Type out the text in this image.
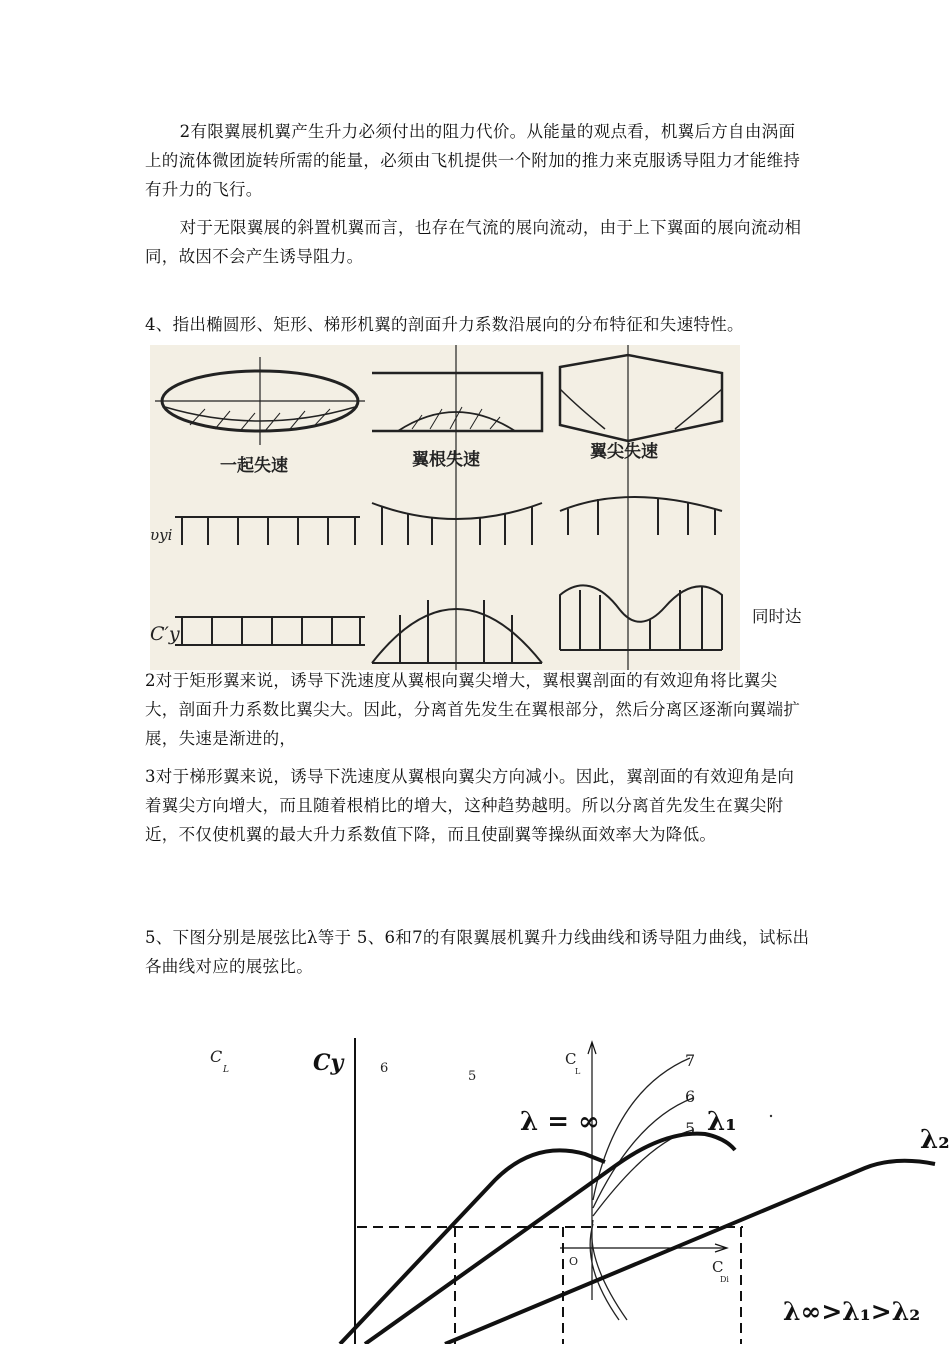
2有限翼展机翼产生升力必须付出的阻力代价。从能量的观点看，机翼后方自由涡面上的流体微团旋转所需的能量，必须由飞机提供一个附加的推力来克服诱导阻力才能维持有升力的飞行。
对于无限翼展的斜置机翼而言，也存在气流的展向流动，由于上下翼面的展向流动相同，故因不会产生诱导阻力。
4、指出椭圆形、矩形、梯形机翼的剖面升力系数沿展向的分布特征和失速特性。
一起失速	翼根失速	翼尖失速
υyi
C′y
同时达
2对于矩形翼来说，诱导下洗速度从翼根向翼尖增大，翼根翼剖面的有效迎角将比翼尖大，剖面升力系数比翼尖大。因此，分离首先发生在翼根部分，然后分离区逐渐向翼端扩展，失速是渐进的，
3对于梯形翼来说，诱导下洗速度从翼根向翼尖方向减小。因此，翼剖面的有效迎角是向着翼尖方向增大，而且随着根梢比的增大，这种趋势越明。所以分离首先发生在翼尖附近，不仅使机翼的最大升力系数值下降，而且使副翼等操纵面效率大为降低。
5、下图分别是展弦比λ等于 5、6和7的有限翼展机翼升力线曲线和诱导阻力曲线，试标出各曲线对应的展弦比。
C
L	Cy	6
5
C
L
O	C
Di
7
6
5
λ = ∞	λ₁
λ₂
λ∞>λ₁>λ₂
